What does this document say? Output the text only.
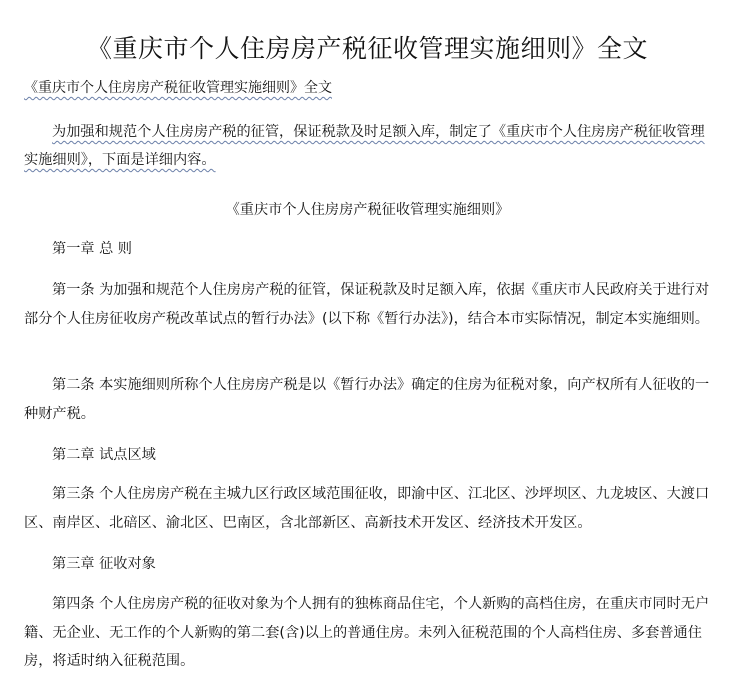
《重庆市个人住房房产税征收管理实施细则》全文
《重庆市个人住房房产税征收管理实施细则》全文
为加强和规范个人住房房产税的征管，保证税款及时足额入库，制定了《重庆市个人住房房产税征收管理实施细则》，下面是详细内容。
《重庆市个人住房房产税征收管理实施细则》
第一章 总 则

第一条 为加强和规范个人住房房产税的征管，保证税款及时足额入库，依据《重庆市人民政府关于进行对部分个人住房征收房产税改革试点的暂行办法》(以下称《暂行办法》)，结合本市实际情况，制定本实施细则。

第二条 本实施细则所称个人住房房产税是以《暂行办法》确定的住房为征税对象，向产权所有人征收的一种财产税。

第二章 试点区域

第三条 个人住房房产税在主城九区行政区域范围征收，即渝中区、江北区、沙坪坝区、九龙坡区、大渡口区、南岸区、北碚区、渝北区、巴南区，含北部新区、高新技术开发区、经济技术开发区。

第三章 征收对象

第四条 个人住房房产税的征收对象为个人拥有的独栋商品住宅，个人新购的高档住房，在重庆市同时无户籍、无企业、无工作的个人新购的第二套(含)以上的普通住房。未列入征税范围的个人高档住房、多套普通住房，将适时纳入征税范围。
